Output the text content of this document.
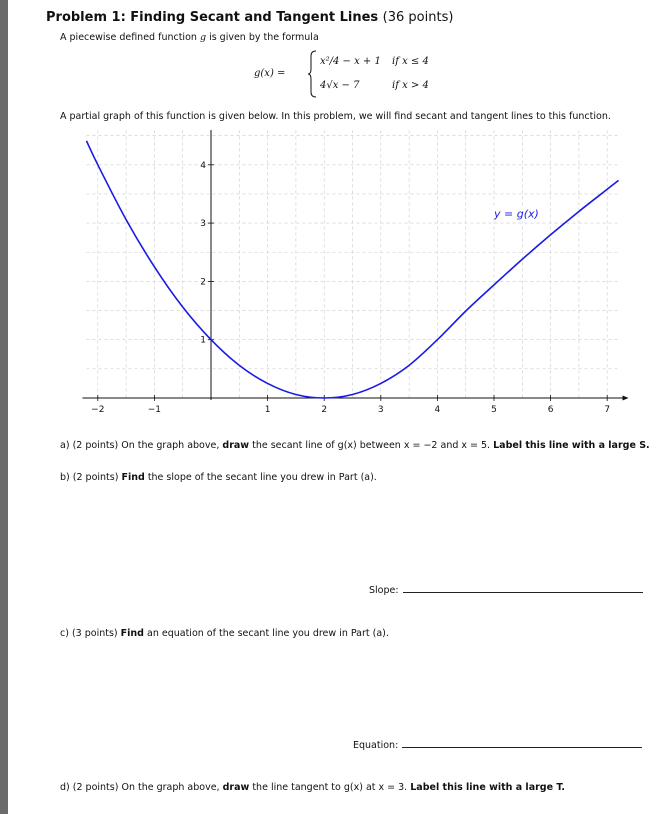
Problem 1: Finding Secant and Tangent Lines (36 points)
A piecewise defined function g is given by the formula
g(x) =
x²/4 − x + 1 if x ≤ 4
4√x − 7	if x > 4
A partial graph of this function is given below. In this problem, we will find secant and tangent lines to this function.
−2	−1	1	2	3	4	5	6	7
1
2
3
4
y = g(x)
a) (2 points) On the graph above, draw the secant line of g(x) between x = −2 and x = 5. Label this line with a large S.
b) (2 points) Find the slope of the secant line you drew in Part (a).
Slope:
c) (3 points) Find an equation of the secant line you drew in Part (a).
Equation:
d) (2 points) On the graph above, draw the line tangent to g(x) at x = 3. Label this line with a large T.
